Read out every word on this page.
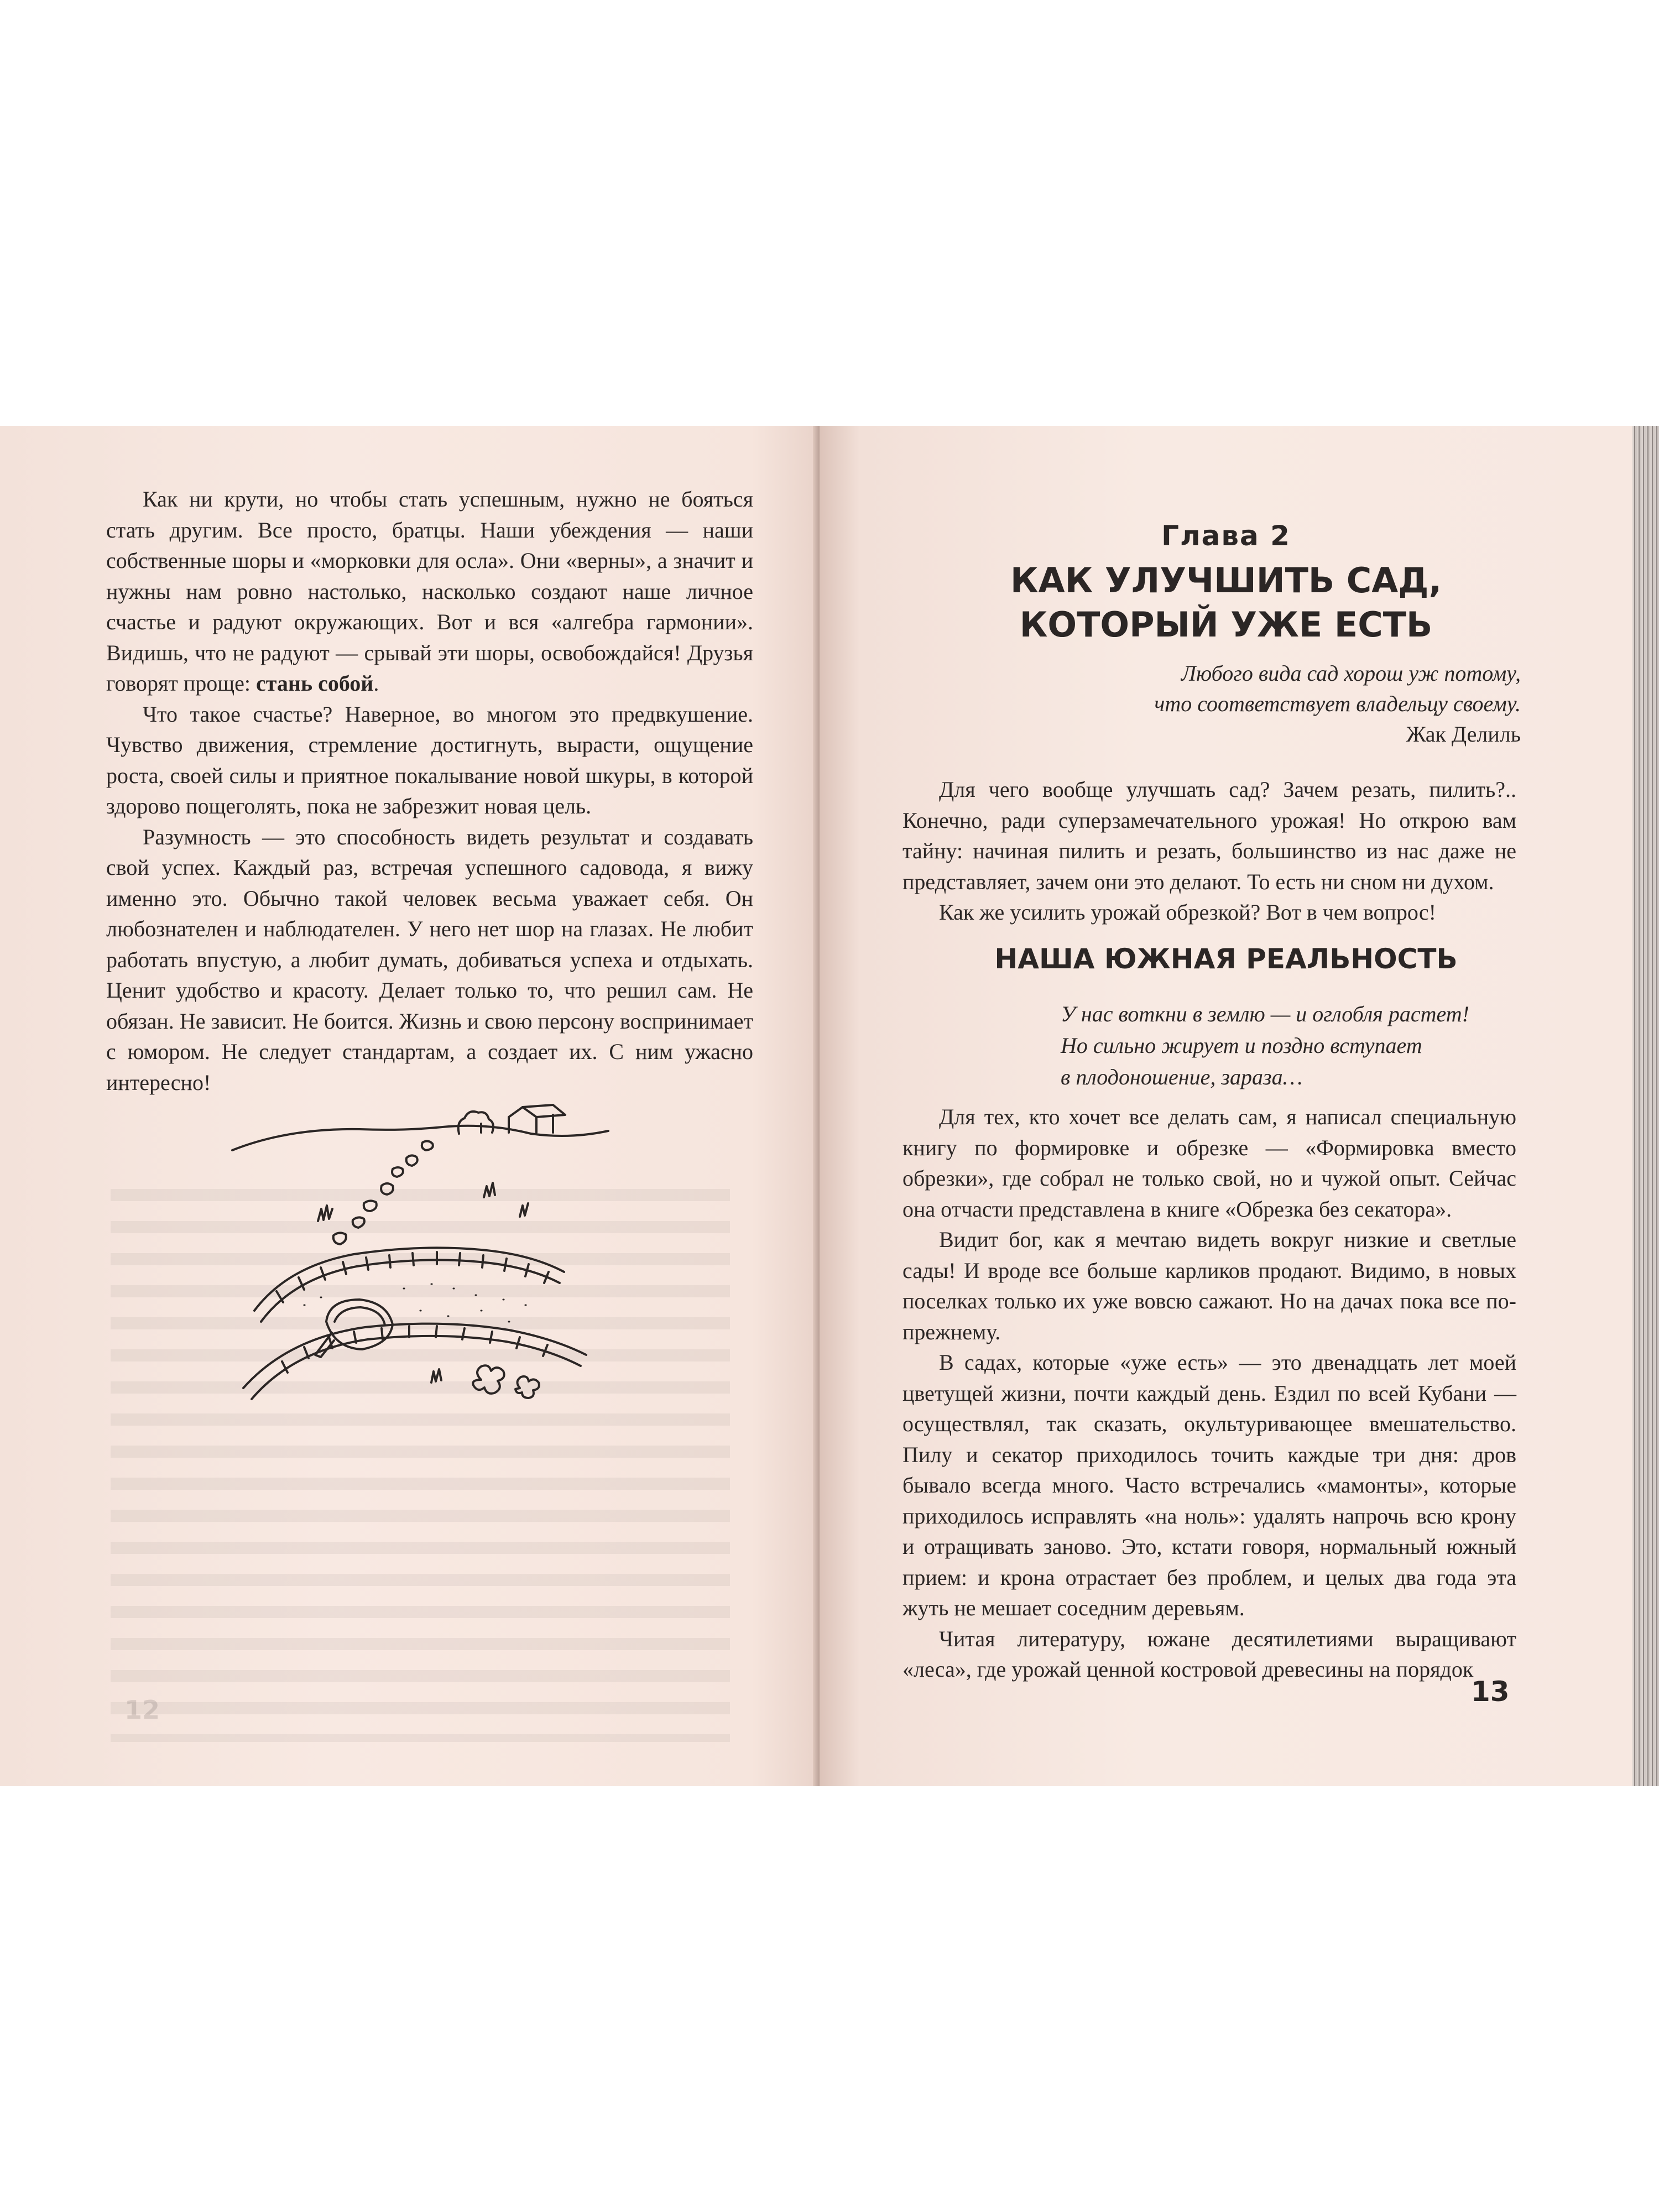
Как ни крути, но чтобы стать успешным, нужно не бояться стать другим. Все просто, братцы. Наши убеждения — наши собственные шоры и «морковки для осла». Они «верны», а значит и нужны нам ровно настолько, насколько создают наше личное счастье и радуют окружающих. Вот и вся «алгебра гармонии». Видишь, что не радуют — срывай эти шоры, освобождайся! Друзья говорят проще: стань собой.

Что такое счастье? Наверное, во многом это предвкушение. Чувство движения, стремление достигнуть, вырасти, ощущение роста, своей силы и приятное покалывание новой шкуры, в которой здорово пощеголять, пока не забрезжит новая цель.

Разумность — это способность видеть результат и создавать свой успех. Каждый раз, встречая успешного садовода, я вижу именно это. Обычно такой человек весьма уважает себя. Он любознателен и наблюдателен. У него нет шор на глазах. Не любит работать впустую, а любит думать, добиваться успеха и отдыхать. Ценит удобство и красоту. Делает только то, что решил сам. Не обязан. Не зависит. Не боится. Жизнь и свою персону воспринимает с юмором. Не следует стандартам, а создает их. С ним ужасно интересно!

12
Глава 2
КАК УЛУЧШИТЬ САД,
КОТОРЫЙ УЖЕ ЕСТЬ
Любого вида сад хорош уж потому,
что соответствует владельцу своему.
Жак Делиль

Для чего вообще улучшать сад? Зачем резать, пилить?.. Конечно, ради суперзамечательного урожая! Но открою вам тайну: начиная пилить и резать, большинство из нас даже не представляет, зачем они это делают. То есть ни сном ни духом.

Как же усилить урожай обрезкой? Вот в чем вопрос!

НАША ЮЖНАЯ РЕАЛЬНОСТЬ
У нас воткни в землю — и оглобля растет!
Но сильно жирует и поздно вступает
в плодоношение, зараза…

Для тех, кто хочет все делать сам, я написал специальную книгу по формировке и обрезке — «Формировка вместо обрезки», где собрал не только свой, но и чужой опыт. Сейчас она отчасти представлена в книге «Обрезка без секатора».

Видит бог, как я мечтаю видеть вокруг низкие и светлые сады! И вроде все больше карликов продают. Видимо, в новых поселках только их уже вовсю сажают. Но на дачах пока все по-прежнему.

В садах, которые «уже есть» — это двенадцать лет моей цветущей жизни, почти каждый день. Ездил по всей Кубани — осуществлял, так сказать, окультуривающее вмешательство. Пилу и секатор приходилось точить каждые три дня: дров бывало всегда много. Часто встречались «мамонты», которые приходилось исправлять «на ноль»: удалять напрочь всю крону и отращивать заново. Это, кстати говоря, нормальный южный прием: и крона отрастает без проблем, и целых два года эта жуть не мешает соседним деревьям.

Читая литературу, южане десятилетиями выращивают «леса», где урожай ценной костровой древесины на порядок

13
